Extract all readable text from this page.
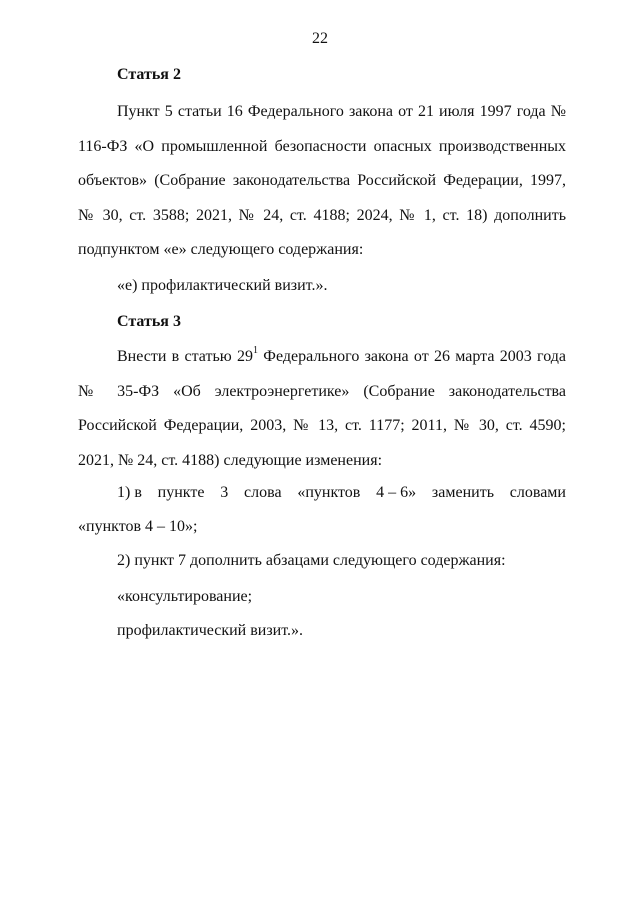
22
Статья 2
Пункт 5 статьи 16 Федерального закона от 21 июля 1997 года № 116-ФЗ «О промышленной безопасности опасных производственных объектов» (Собрание законодательства Российской Федерации, 1997, № 30, ст. 3588; 2021, № 24, ст. 4188; 2024, № 1, ст. 18) дополнить подпунктом «е» следующего содержания:
«е) профилактический визит.».
Статья 3
Внести в статью $29^1$ Федерального закона от 26 марта 2003 года № 35-ФЗ «Об электроэнергетике» (Собрание законодательства Российской Федерации, 2003, № 13, ст. 1177; 2011, № 30, ст. 4590; 2021, № 24, ст. 4188) следующие изменения:
1) в пункте 3 слова «пунктов 4 – 6» заменить словами
«пунктов 4 – 10»;
2) пункт 7 дополнить абзацами следующего содержания:
«консультирование;
профилактический визит.».
